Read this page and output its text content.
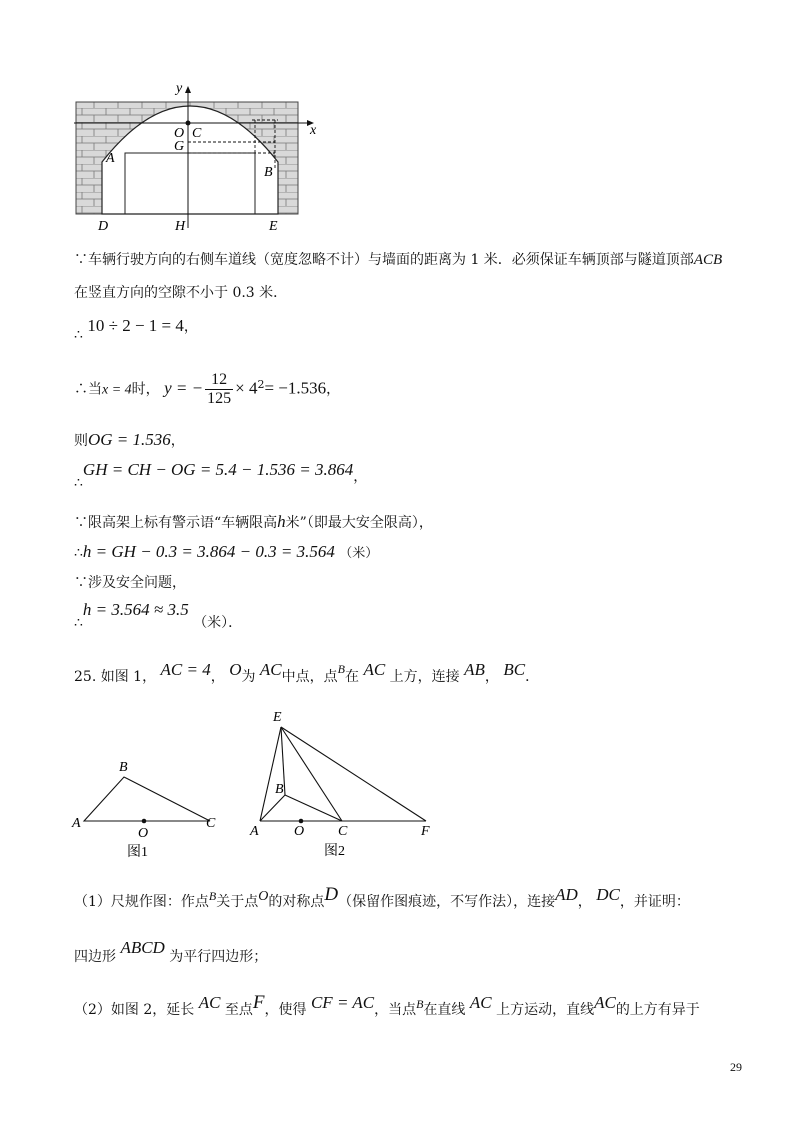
y
x
O C
G
A
B
D	H	E
∵车辆行驶方向的右侧车道线（宽度忽略不计）与墙面的距离为 1 米．必须保证车辆顶部与隧道顶部ACB
在竖直方向的空隙不小于 0.3 米．
∴ 10 ÷ 2 − 1 = 4，
∴当x = 4时， y = − $\frac{12}{125} \times 4^2= -1.536$，
则OG = 1.536，
∴GH = CH − OG = 5.4 − 1.536 = 3.864，
∵限高架上标有警示语“车辆限高h米”（即最大安全限高），
∴h = GH − 0.3 = 3.864 − 0.3 = 3.564 （米）
∵涉及安全问题，
∴h = 3.564 ≈ 3.5 （米）．
25. 如图 1， AC = 4， O为 AC中点，点B在 AC 上方，连接 AB， BC．
B
A
O
C
图1
E
B
A	O C	F
图2
（1）尺规作图：作点B关于点O的对称点D（保留作图痕迹，不写作法），连接AD， DC，并证明：
四边形 ABCD 为平行四边形；
（2）如图 2，延长 AC 至点F，使得 CF = AC，当点B在直线 AC 上方运动，直线AC的上方有异于
29
